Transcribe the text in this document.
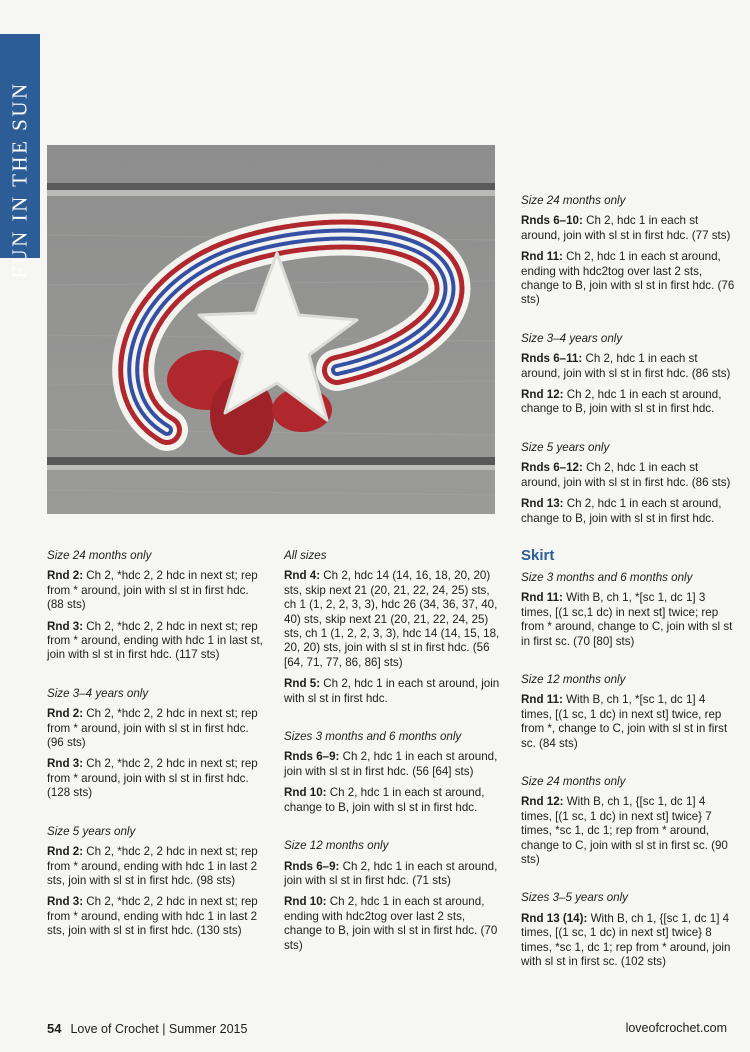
FUN IN THE SUN

Size 24 months only

Rnd 2: Ch 2, *hdc 2, 2 hdc in next st; rep from * around, join with sl st in first hdc. (88 sts)

Rnd 3: Ch 2, *hdc 2, 2 hdc in next st; rep from * around, ending with hdc 1 in last st, join with sl st in first hdc. (117 sts)

Size 3–4 years only

Rnd 2: Ch 2, *hdc 2, 2 hdc in next st; rep from * around, join with sl st in first hdc. (96 sts)

Rnd 3: Ch 2, *hdc 2, 2 hdc in next st; rep from * around, join with sl st in first hdc. (128 sts)

Size 5 years only

Rnd 2: Ch 2, *hdc 2, 2 hdc in next st; rep from * around, ending with hdc 1 in last 2 sts, join with sl st in first hdc. (98 sts)

Rnd 3: Ch 2, *hdc 2, 2 hdc in next st; rep from * around, ending with hdc 1 in last 2 sts, join with sl st in first hdc. (130 sts)

All sizes

Rnd 4: Ch 2, hdc 14 (14, 16, 18, 20, 20) sts, skip next 21 (20, 21, 22, 24, 25) sts, ch 1 (1, 2, 2, 3, 3), hdc 26 (34, 36, 37, 40, 40) sts, skip next 21 (20, 21, 22, 24, 25) sts, ch 1 (1, 2, 2, 3, 3), hdc 14 (14, 15, 18, 20, 20) sts, join with sl st in first hdc. (56 [64, 71, 77, 86, 86] sts)

Rnd 5: Ch 2, hdc 1 in each st around, join with sl st in first hdc.

Sizes 3 months and 6 months only

Rnds 6–9: Ch 2, hdc 1 in each st around, join with sl st in first hdc. (56 [64] sts)

Rnd 10: Ch 2, hdc 1 in each st around, change to B, join with sl st in first hdc.

Size 12 months only

Rnds 6–9: Ch 2, hdc 1 in each st around, join with sl st in first hdc. (71 sts)

Rnd 10: Ch 2, hdc 1 in each st around, ending with hdc2tog over last 2 sts, change to B, join with sl st in first hdc. (70 sts)

Size 24 months only

Rnds 6–10: Ch 2, hdc 1 in each st around, join with sl st in first hdc. (77 sts)

Rnd 11: Ch 2, hdc 1 in each st around, ending with hdc2tog over last 2 sts, change to B, join with sl st in first hdc. (76 sts)

Size 3–4 years only

Rnds 6–11: Ch 2, hdc 1 in each st around, join with sl st in first hdc. (86 sts)

Rnd 12: Ch 2, hdc 1 in each st around, change to B, join with sl st in first hdc.

Size 5 years only

Rnds 6–12: Ch 2, hdc 1 in each st around, join with sl st in first hdc. (86 sts)

Rnd 13: Ch 2, hdc 1 in each st around, change to B, join with sl st in first hdc.

Skirt

Size 3 months and 6 months only

Rnd 11: With B, ch 1, *[sc 1, dc 1] 3 times, [(1 sc,1 dc) in next st] twice; rep from * around, change to C, join with sl st in first sc. (70 [80] sts)

Size 12 months only

Rnd 11: With B, ch 1, *[sc 1, dc 1] 4 times, [(1 sc, 1 dc) in next st] twice, rep from *, change to C, join with sl st in first sc. (84 sts)

Size 24 months only

Rnd 12: With B, ch 1, {[sc 1, dc 1] 4 times, [(1 sc, 1 dc) in next st] twice} 7 times, *sc 1, dc 1; rep from * around, change to C, join with sl st in first sc. (90 sts)

Sizes 3–5 years only

Rnd 13 (14): With B, ch 1, {[sc 1, dc 1] 4 times, [(1 sc, 1 dc) in next st] twice} 8 times, *sc 1, dc 1; rep from * around, join with sl st in first sc. (102 sts)

54 Love of Crochet | Summer 2015	loveofcrochet.com
